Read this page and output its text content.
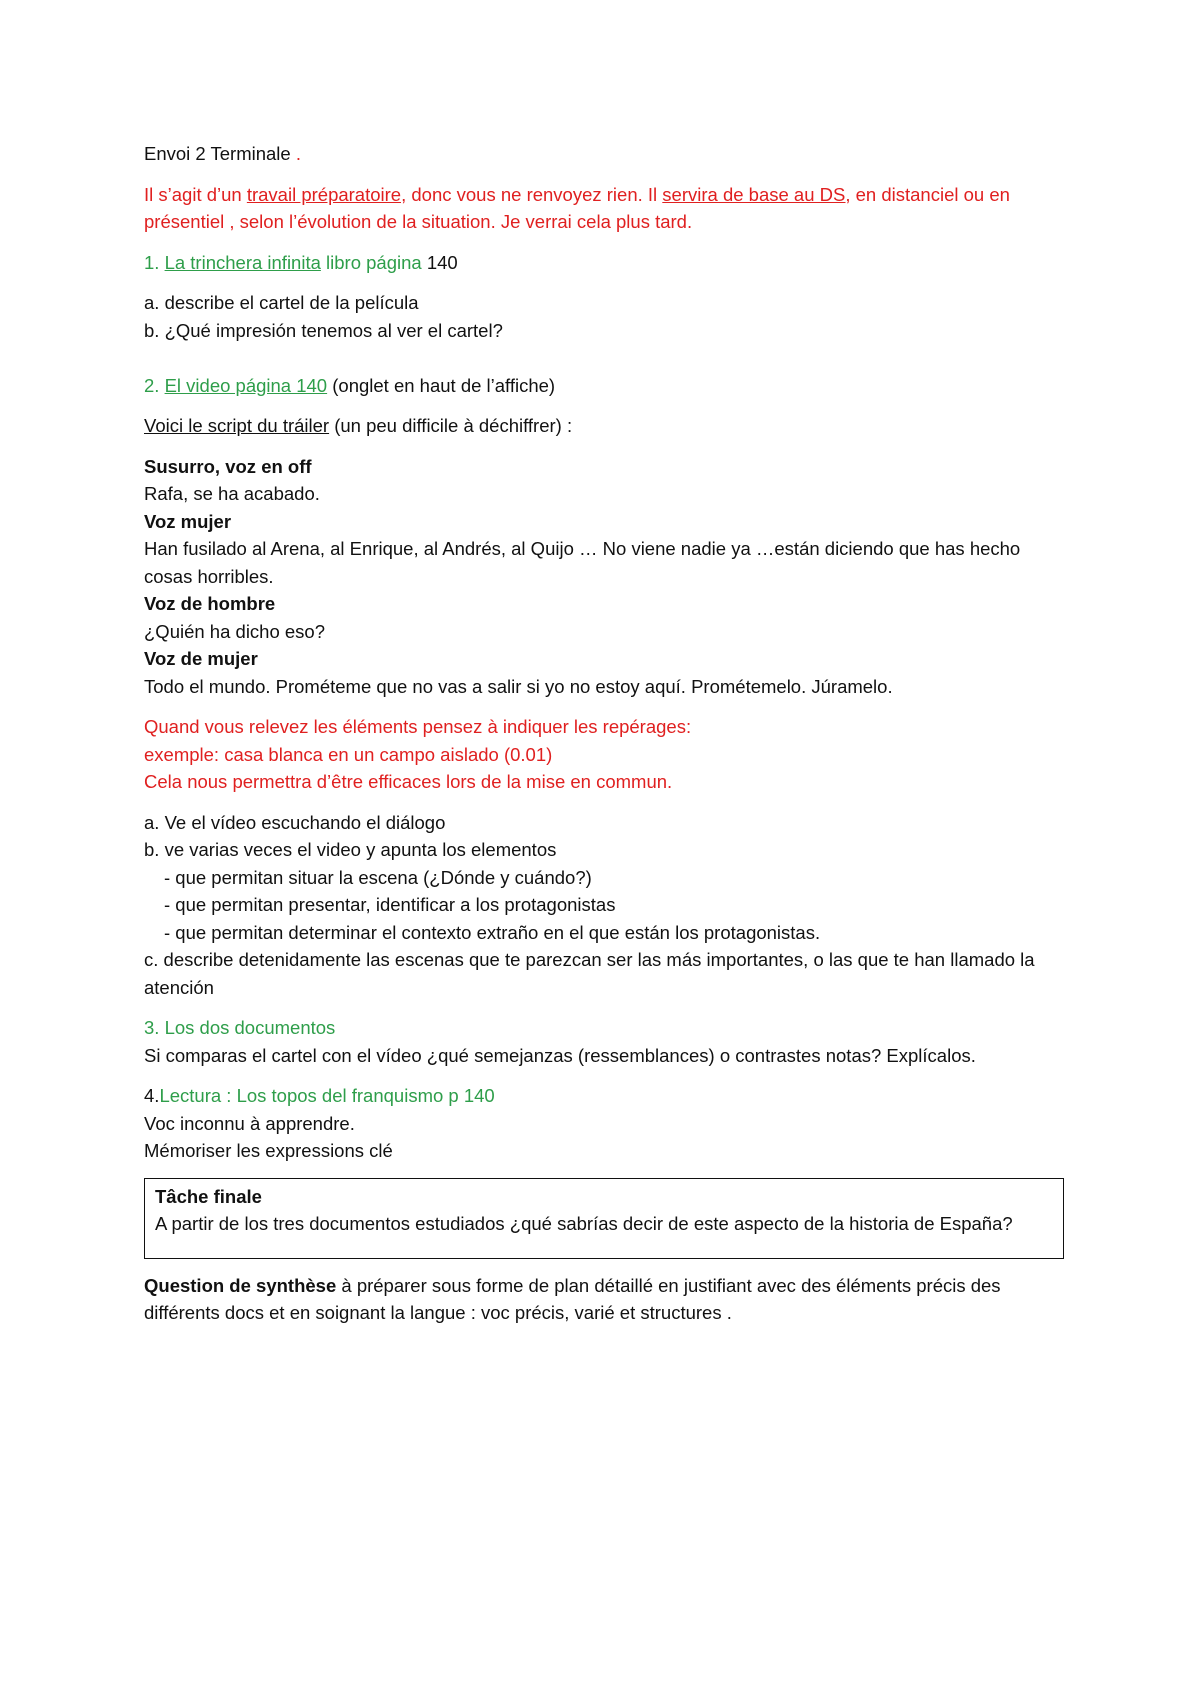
Envoi 2 Terminale .

Il s’agit d’un travail préparatoire, donc vous ne renvoyez rien. Il servira de base au DS, en distanciel ou en présentiel , selon l’évolution de la situation. Je verrai cela plus tard.

1. La trinchera infinita libro página 140

a. describe el cartel de la película

b. ¿Qué impresión tenemos al ver el cartel?

2. El video página 140 (onglet en haut de l’affiche)

Voici le script du tráiler (un peu difficile à déchiffrer) :

Susurro, voz en off

Rafa, se ha acabado.

Voz mujer

Han fusilado al Arena, al Enrique, al Andrés, al Quijo … No viene nadie ya …están diciendo que has hecho cosas horribles.

Voz de hombre

¿Quién ha dicho eso?

Voz de mujer

Todo el mundo. Prométeme que no vas a salir si yo no estoy aquí. Prométemelo. Júramelo.

Quand vous relevez les éléments pensez à indiquer les repérages:

exemple: casa blanca en un campo aislado (0.01)

Cela nous permettra d’être efficaces lors de la mise en commun.

a. Ve el vídeo escuchando el diálogo

b. ve varias veces el video y apunta los elementos

- que permitan situar la escena (¿Dónde y cuándo?)

- que permitan presentar, identificar a los protagonistas

- que permitan determinar el contexto extraño en el que están los protagonistas.

c. describe detenidamente las escenas que te parezcan ser las más importantes, o las que te han llamado la atención

3. Los dos documentos

Si comparas el cartel con el vídeo ¿qué semejanzas (ressemblances) o contrastes notas? Explícalos.

4.Lectura : Los topos del franquismo p 140

Voc inconnu à apprendre.

Mémoriser les expressions clé

Tâche finale

A partir de los tres documentos estudiados ¿qué sabrías decir de este aspecto de la historia de España?

Question de synthèse à préparer sous forme de plan détaillé en justifiant avec des éléments précis des différents docs et en soignant la langue : voc précis, varié et structures .
